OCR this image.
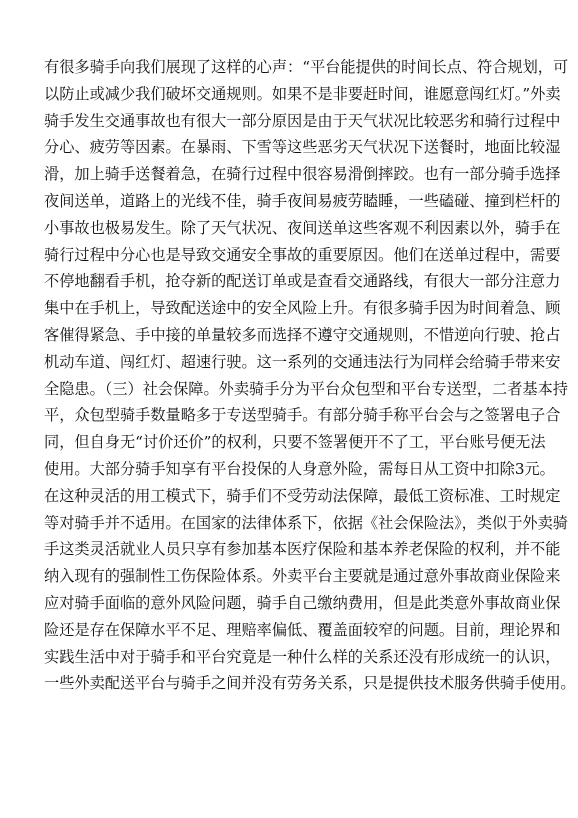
有很多骑手向我们展现了这样的心声：“平台能提供的时间长点、符合规划，可
以防止或减少我们破坏交通规则。如果不是非要赶时间，谁愿意闯红灯。”外卖
骑手发生交通事故也有很大一部分原因是由于天气状况比较恶劣和骑行过程中
分心、疲劳等因素。在暴雨、下雪等这些恶劣天气状况下送餐时，地面比较湿
滑，加上骑手送餐着急，在骑行过程中很容易滑倒摔跤。也有一部分骑手选择
夜间送单，道路上的光线不佳，骑手夜间易疲劳瞌睡，一些磕碰、撞到栏杆的
小事故也极易发生。除了天气状况、夜间送单这些客观不利因素以外，骑手在
骑行过程中分心也是导致交通安全事故的重要原因。他们在送单过程中，需要
不停地翻看手机，抢夺新的配送订单或是查看交通路线，有很大一部分注意力
集中在手机上，导致配送途中的安全风险上升。有很多骑手因为时间着急、顾
客催得紧急、手中接的单量较多而选择不遵守交通规则，不惜逆向行驶、抢占
机动车道、闯红灯、超速行驶。这一系列的交通违法行为同样会给骑手带来安
全隐患。（三）社会保障。外卖骑手分为平台众包型和平台专送型，二者基本持
平，众包型骑手数量略多于专送型骑手。有部分骑手称平台会与之签署电子合
同，但自身无“讨价还价”的权利，只要不签署便开不了工，平台账号便无法
使用。大部分骑手知享有平台投保的人身意外险，需每日从工资中扣除3元。
在这种灵活的用工模式下，骑手们不受劳动法保障，最低工资标准、工时规定
等对骑手并不适用。在国家的法律体系下，依据《社会保险法》，类似于外卖骑
手这类灵活就业人员只享有参加基本医疗保险和基本养老保险的权利，并不能
纳入现有的强制性工伤保险体系。外卖平台主要就是通过意外事故商业保险来
应对骑手面临的意外风险问题，骑手自己缴纳费用，但是此类意外事故商业保
险还是存在保障水平不足、理赔率偏低、覆盖面较窄的问题。目前，理论界和
实践生活中对于骑手和平台究竟是一种什么样的关系还没有形成统一的认识，
一些外卖配送平台与骑手之间并没有劳务关系，只是提供技术服务供骑手使用。
